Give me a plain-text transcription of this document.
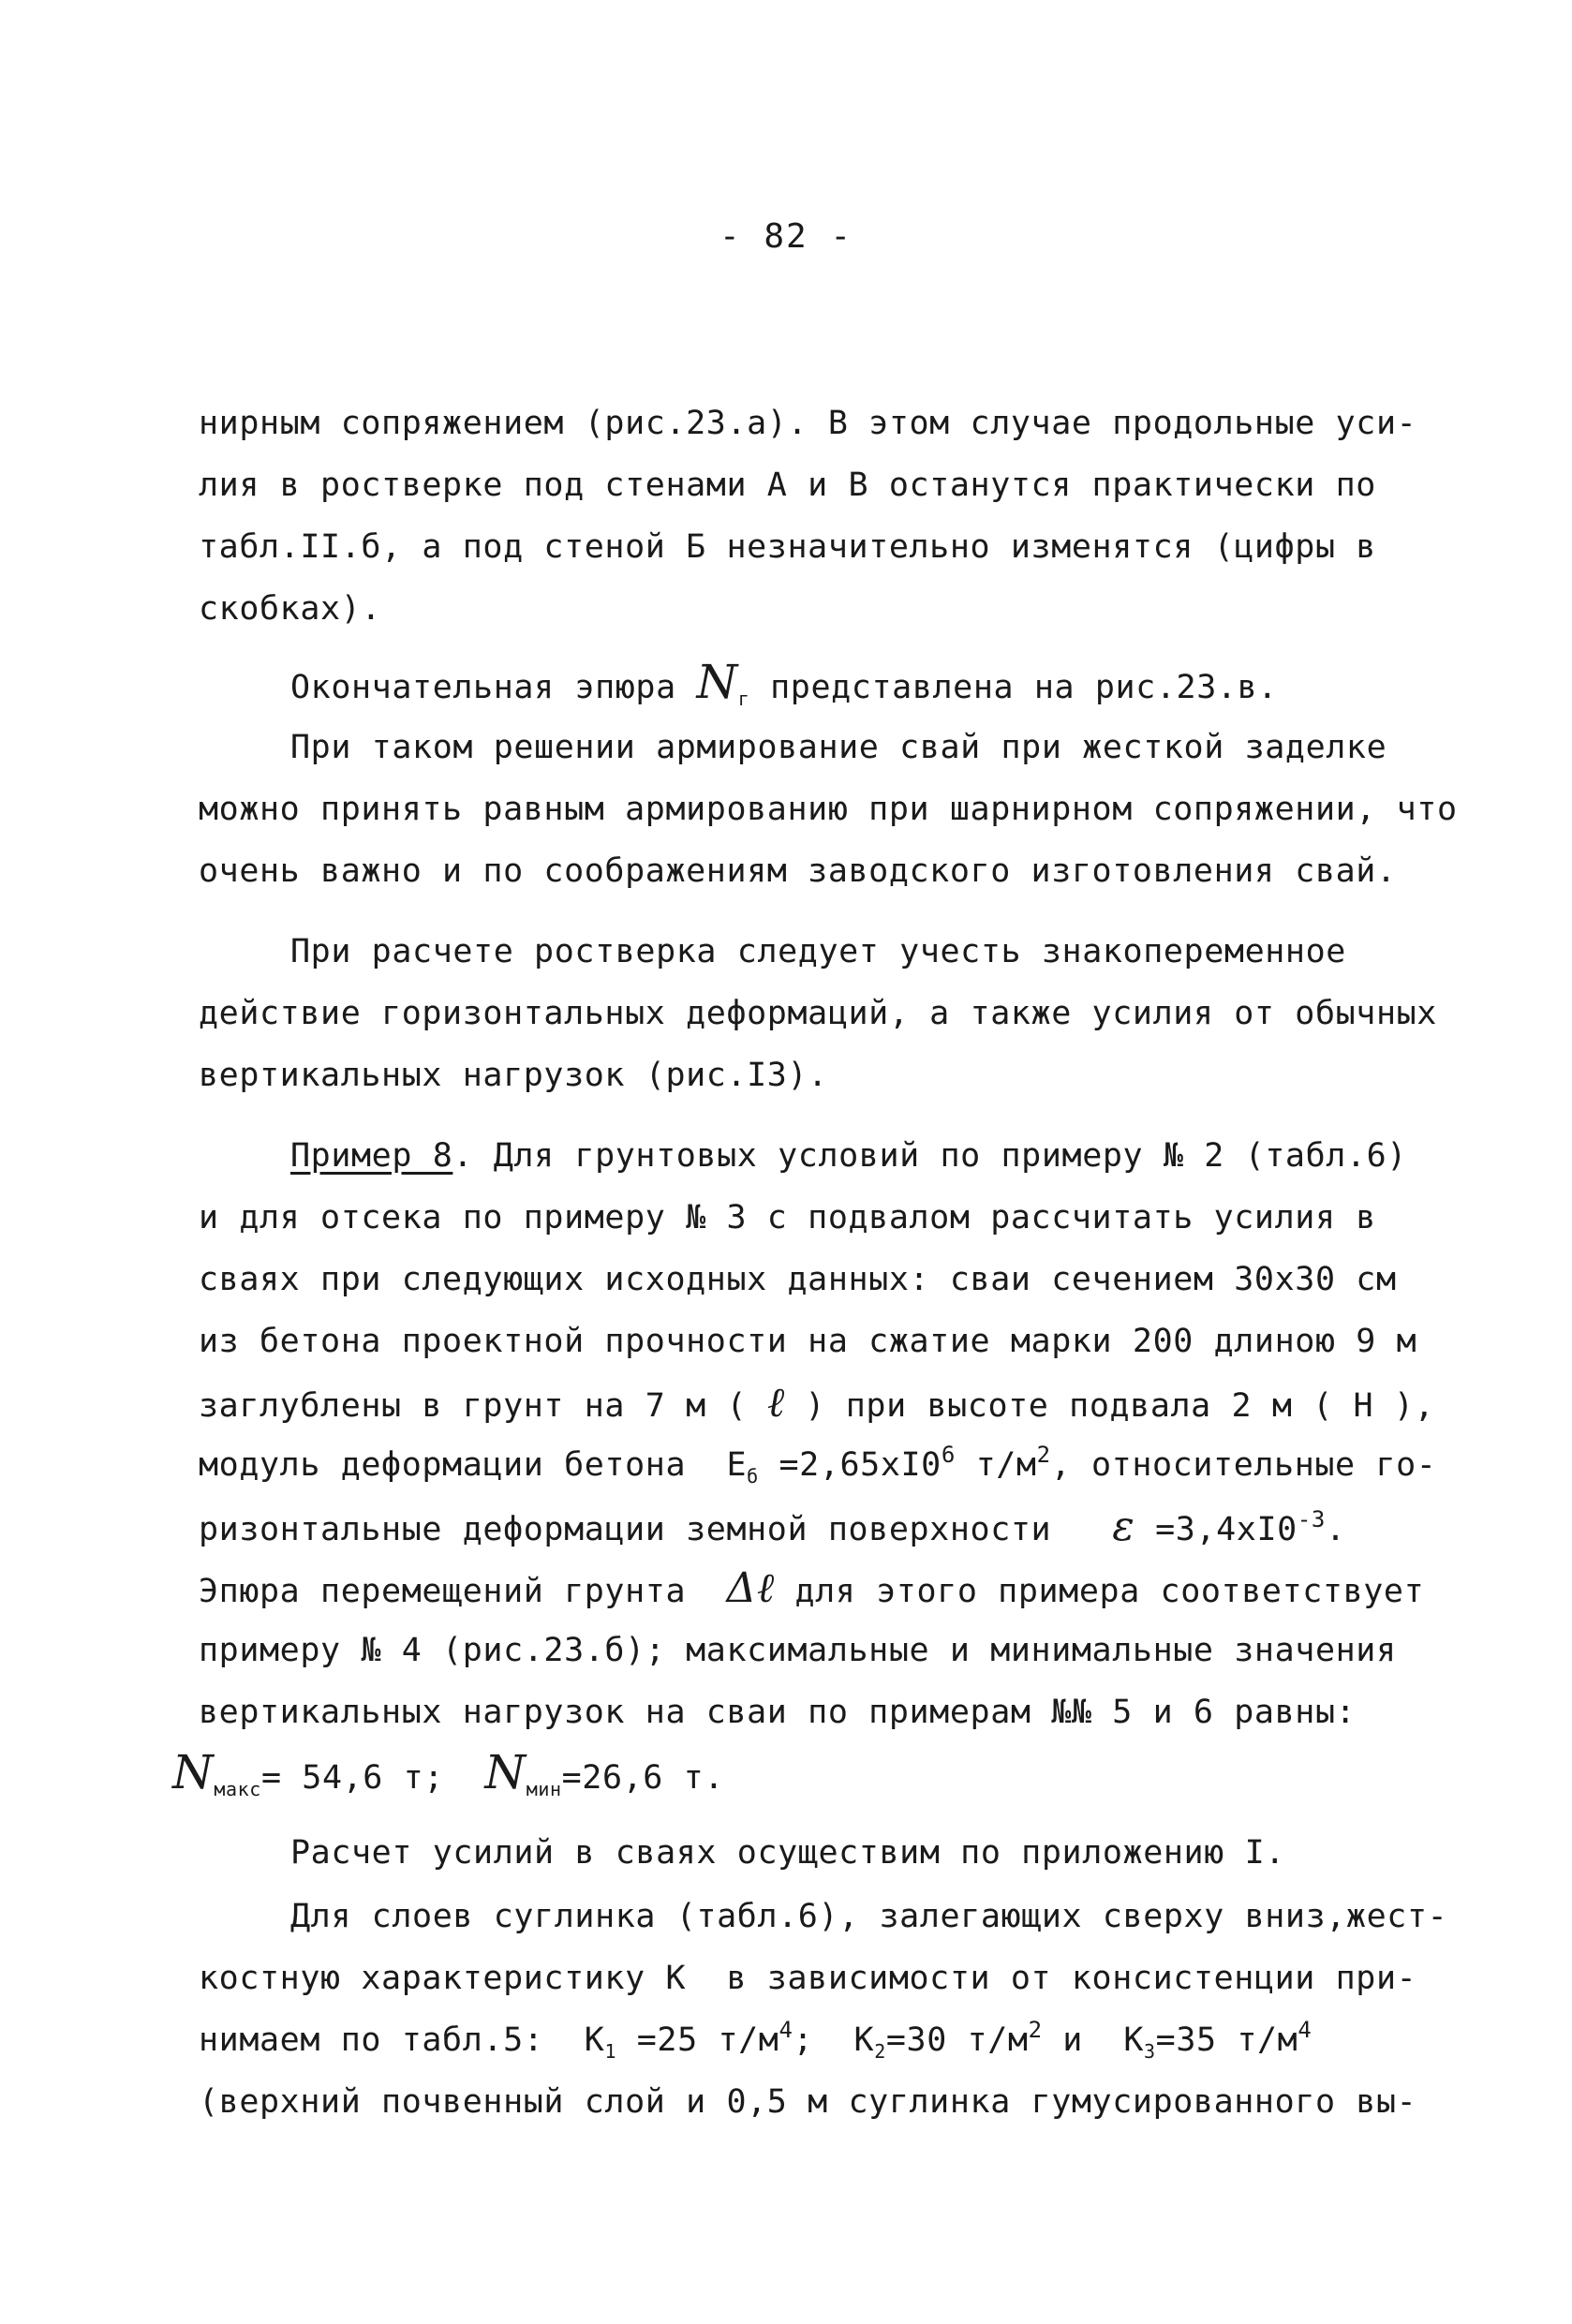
- 82 -
нирным сопряжением (рис.23.а). В этом случае продольные уси-
лия в ростверке под стенами А и В останутся практически по
табл.II.б, а под стеной Б незначительно изменятся (цифры в
скобках).
Окончательная эпюра $N_г$ представлена на рис.23.в.
При таком решении армирование свай при жесткой заделке
можно принять равным армированию при шарнирном сопряжении, что
очень важно и по соображениям заводского изготовления свай.
При расчете ростверка следует учесть знакопеременное
действие горизонтальных деформаций, а также усилия от обычных
вертикальных нагрузок (рис.I3).
Пример 8. Для грунтовых условий по примеру № 2 (табл.6)
и для отсека по примеру № 3 с подвалом рассчитать усилия в
сваях при следующих исходных данных: сваи сечением 30х30 см
из бетона проектной прочности на сжатие марки 200 длиною 9 м
заглублены в грунт на 7 м ( ℓ ) при высоте подвала 2 м ( H ),
модуль деформации бетона  $E_б =2,65хI0^6$ $т/м^2$, относительные го-
ризонтальные деформации земной поверхности   $\varepsilon =3,4хI0^{-3}$.
Эпюра перемещений грунта  Δℓ для этого примера соответствует
примеру № 4 (рис.23.б); максимальные и минимальные значения
вертикальных нагрузок на сваи по примерам №№ 5 и 6 равны:
$N_{макс}= 54,6$ т;  $N_{мин}=26,6$ т.
Расчет усилий в сваях осуществим по приложению I.
Для слоев суглинка (табл.6), залегающих сверху вниз,жест-
костную характеристику K  в зависимости от консистенции при-
нимаем по табл.5:  $K_1 =25$ $т/м^4$;  $K_2=30$ $т/м^2$ и  $K_3=35$ $т/м^4$
(верхний почвенный слой и 0,5 м суглинка гумусированного вы-
